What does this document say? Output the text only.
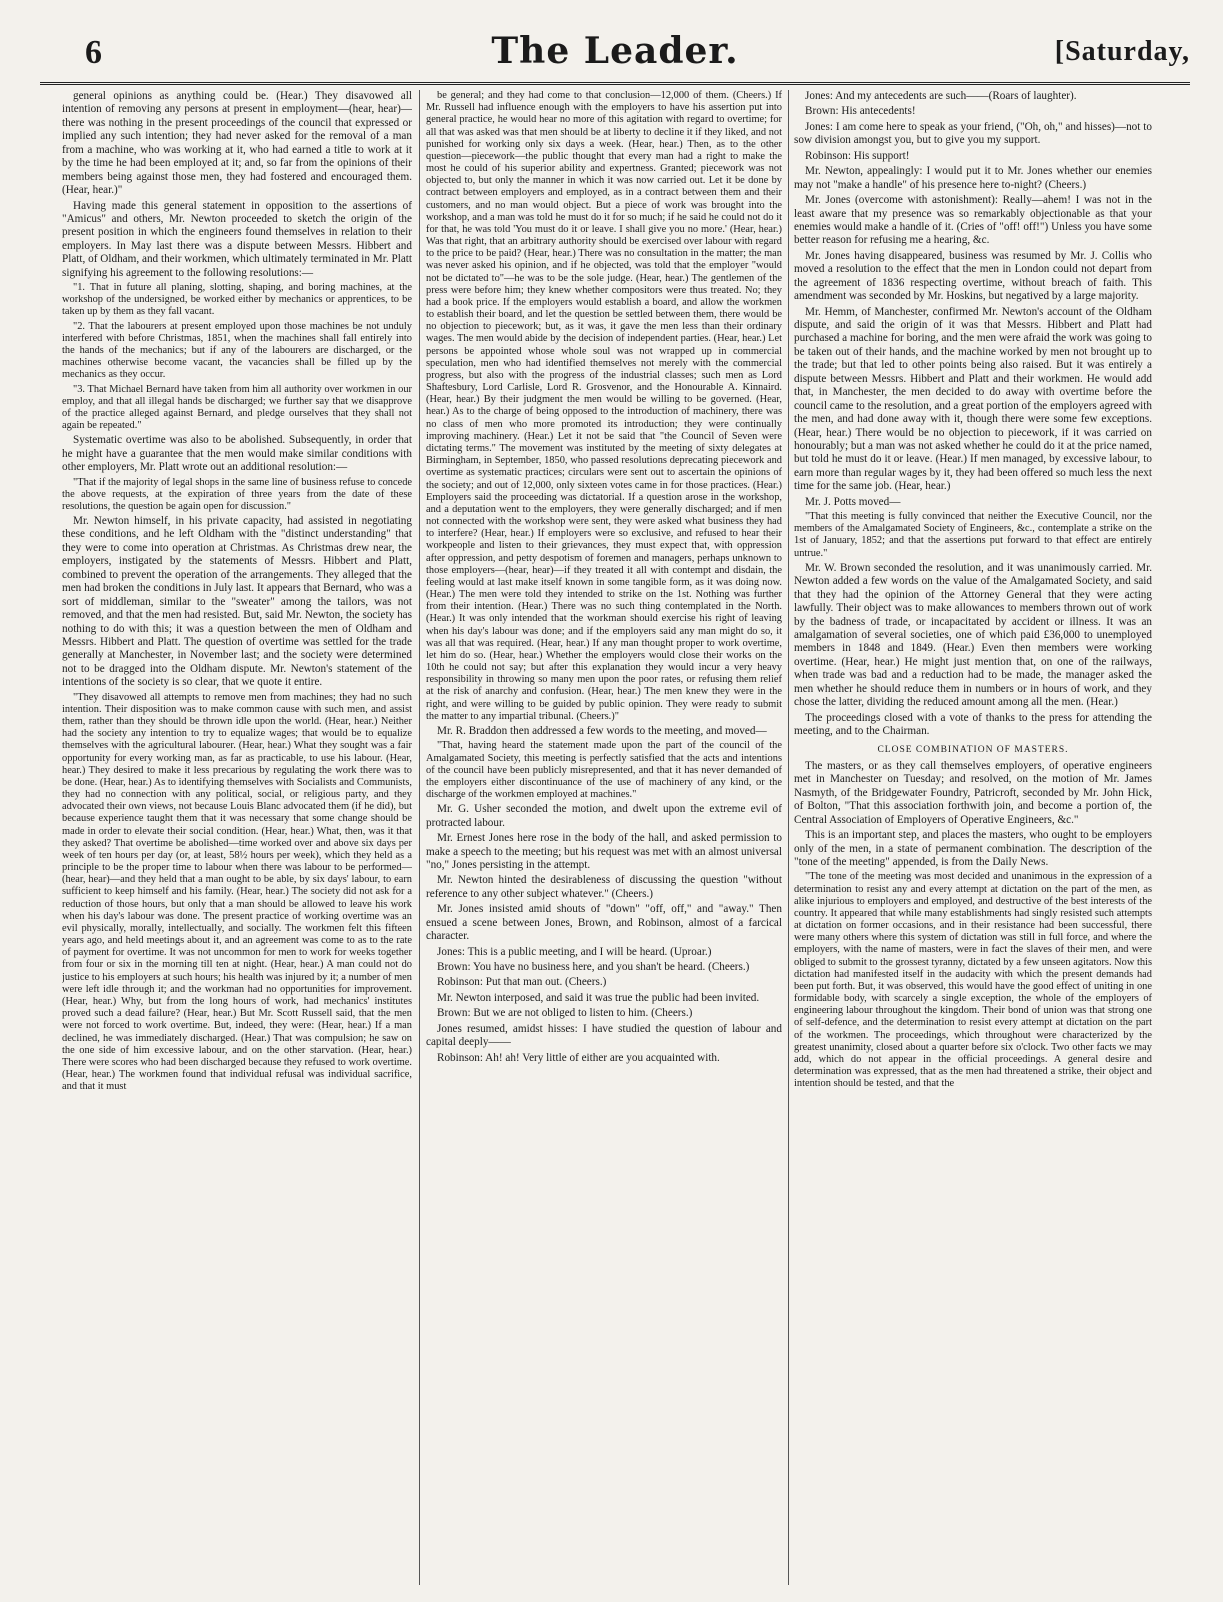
6	The Leader.	[Saturday,

general opinions as anything could be. (Hear.) They disavowed all intention of removing any persons at present in employment—(hear, hear)—there was nothing in the present proceedings of the council that expressed or implied any such intention; they had never asked for the removal of a man from a machine, who was working at it, who had earned a title to work at it by the time he had been employed at it; and, so far from the opinions of their members being against those men, they had fostered and encouraged them. (Hear, hear.)"

Having made this general statement in opposition to the assertions of "Amicus" and others, Mr. Newton proceeded to sketch the origin of the present position in which the engineers found themselves in relation to their employers. In May last there was a dispute between Messrs. Hibbert and Platt, of Oldham, and their workmen, which ultimately terminated in Mr. Platt signifying his agreement to the following resolutions:—

"1. That in future all planing, slotting, shaping, and boring machines, at the workshop of the undersigned, be worked either by mechanics or apprentices, to be taken up by them as they fall vacant.

"2. That the labourers at present employed upon those machines be not unduly interfered with before Christmas, 1851, when the machines shall fall entirely into the hands of the mechanics; but if any of the labourers are discharged, or the machines otherwise become vacant, the vacancies shall be filled up by the mechanics as they occur.

"3. That Michael Bernard have taken from him all authority over workmen in our employ, and that all illegal hands be discharged; we further say that we disapprove of the practice alleged against Bernard, and pledge ourselves that they shall not again be repeated."

Systematic overtime was also to be abolished. Subsequently, in order that he might have a guarantee that the men would make similar conditions with other employers, Mr. Platt wrote out an additional resolution:—

"That if the majority of legal shops in the same line of business refuse to concede the above requests, at the expiration of three years from the date of these resolutions, the question be again open for discussion."

Mr. Newton himself, in his private capacity, had assisted in negotiating these conditions, and he left Oldham with the "distinct understanding" that they were to come into operation at Christmas. As Christmas drew near, the employers, instigated by the statements of Messrs. Hibbert and Platt, combined to prevent the operation of the arrangements. They alleged that the men had broken the conditions in July last. It appears that Bernard, who was a sort of middleman, similar to the "sweater" among the tailors, was not removed, and that the men had resisted. But, said Mr. Newton, the society has nothing to do with this; it was a question between the men of Oldham and Messrs. Hibbert and Platt. The question of overtime was settled for the trade generally at Manchester, in November last; and the society were determined not to be dragged into the Oldham dispute. Mr. Newton's statement of the intentions of the society is so clear, that we quote it entire.

"They disavowed all attempts to remove men from machines; they had no such intention. Their disposition was to make common cause with such men, and assist them, rather than they should be thrown idle upon the world. (Hear, hear.) Neither had the society any intention to try to equalize wages; that would be to equalize themselves with the agricultural labourer. (Hear, hear.) What they sought was a fair opportunity for every working man, as far as practicable, to use his labour. (Hear, hear.) They desired to make it less precarious by regulating the work there was to be done. (Hear, hear.) As to identifying themselves with Socialists and Communists, they had no connection with any political, social, or religious party, and they advocated their own views, not because Louis Blanc advocated them (if he did), but because experience taught them that it was necessary that some change should be made in order to elevate their social condition. (Hear, hear.) What, then, was it that they asked? That overtime be abolished—time worked over and above six days per week of ten hours per day (or, at least, 58½ hours per week), which they held as a principle to be the proper time to labour when there was labour to be performed—(hear, hear)—and they held that a man ought to be able, by six days' labour, to earn sufficient to keep himself and his family. (Hear, hear.) The society did not ask for a reduction of those hours, but only that a man should be allowed to leave his work when his day's labour was done. The present practice of working overtime was an evil physically, morally, intellectually, and socially. The workmen felt this fifteen years ago, and held meetings about it, and an agreement was come to as to the rate of payment for overtime. It was not uncommon for men to work for weeks together from four or six in the morning till ten at night. (Hear, hear.) A man could not do justice to his employers at such hours; his health was injured by it; a number of men were left idle through it; and the workman had no opportunities for improvement. (Hear, hear.) Why, but from the long hours of work, had mechanics' institutes proved such a dead failure? (Hear, hear.) But Mr. Scott Russell said, that the men were not forced to work overtime. But, indeed, they were: (Hear, hear.) If a man declined, he was immediately discharged. (Hear.) That was compulsion; he saw on the one side of him excessive labour, and on the other starvation. (Hear, hear.) There were scores who had been discharged because they refused to work overtime. (Hear, hear.) The workmen found that individual refusal was individual sacrifice, and that it must

be general; and they had come to that conclusion—12,000 of them. (Cheers.) If Mr. Russell had influence enough with the employers to have his assertion put into general practice, he would hear no more of this agitation with regard to overtime; for all that was asked was that men should be at liberty to decline it if they liked, and not punished for working only six days a week. (Hear, hear.) Then, as to the other question—piecework—the public thought that every man had a right to make the most he could of his superior ability and expertness. Granted; piecework was not objected to, but only the manner in which it was now carried out. Let it be done by contract between employers and employed, as in a contract between them and their customers, and no man would object. But a piece of work was brought into the workshop, and a man was told he must do it for so much; if he said he could not do it for that, he was told 'You must do it or leave. I shall give you no more.' (Hear, hear.) Was that right, that an arbitrary authority should be exercised over labour with regard to the price to be paid? (Hear, hear.) There was no consultation in the matter; the man was never asked his opinion, and if he objected, was told that the employer "would not be dictated to"—he was to be the sole judge. (Hear, hear.) The gentlemen of the press were before him; they knew whether compositors were thus treated. No; they had a book price. If the employers would establish a board, and allow the workmen to establish their board, and let the question be settled between them, there would be no objection to piecework; but, as it was, it gave the men less than their ordinary wages. The men would abide by the decision of independent parties. (Hear, hear.) Let persons be appointed whose whole soul was not wrapped up in commercial speculation, men who had identified themselves not merely with the commercial progress, but also with the progress of the industrial classes; such men as Lord Shaftesbury, Lord Carlisle, Lord R. Grosvenor, and the Honourable A. Kinnaird. (Hear, hear.) By their judgment the men would be willing to be governed. (Hear, hear.) As to the charge of being opposed to the introduction of machinery, there was no class of men who more promoted its introduction; they were continually improving machinery. (Hear.) Let it not be said that "the Council of Seven were dictating terms." The movement was instituted by the meeting of sixty delegates at Birmingham, in September, 1850, who passed resolutions deprecating piecework and overtime as systematic practices; circulars were sent out to ascertain the opinions of the society; and out of 12,000, only sixteen votes came in for those practices. (Hear.) Employers said the proceeding was dictatorial. If a question arose in the workshop, and a deputation went to the employers, they were generally discharged; and if men not connected with the workshop were sent, they were asked what business they had to interfere? (Hear, hear.) If employers were so exclusive, and refused to hear their workpeople and listen to their grievances, they must expect that, with oppression after oppression, and petty despotism of foremen and managers, perhaps unknown to those employers—(hear, hear)—if they treated it all with contempt and disdain, the feeling would at last make itself known in some tangible form, as it was doing now. (Hear.) The men were told they intended to strike on the 1st. Nothing was further from their intention. (Hear.) There was no such thing contemplated in the North. (Hear.) It was only intended that the workman should exercise his right of leaving when his day's labour was done; and if the employers said any man might do so, it was all that was required. (Hear, hear.) If any man thought proper to work overtime, let him do so. (Hear, hear.) Whether the employers would close their works on the 10th he could not say; but after this explanation they would incur a very heavy responsibility in throwing so many men upon the poor rates, or refusing them relief at the risk of anarchy and confusion. (Hear, hear.) The men knew they were in the right, and were willing to be guided by public opinion. They were ready to submit the matter to any impartial tribunal. (Cheers.)"

Mr. R. Braddon then addressed a few words to the meeting, and moved—

"That, having heard the statement made upon the part of the council of the Amalgamated Society, this meeting is perfectly satisfied that the acts and intentions of the council have been publicly misrepresented, and that it has never demanded of the employers either discontinuance of the use of machinery of any kind, or the discharge of the workmen employed at machines."

Mr. G. Usher seconded the motion, and dwelt upon the extreme evil of protracted labour.

Mr. Ernest Jones here rose in the body of the hall, and asked permission to make a speech to the meeting; but his request was met with an almost universal "no," Jones persisting in the attempt.

Mr. Newton hinted the desirableness of discussing the question "without reference to any other subject whatever." (Cheers.)

Mr. Jones insisted amid shouts of "down" "off, off," and "away." Then ensued a scene between Jones, Brown, and Robinson, almost of a farcical character.

Jones: This is a public meeting, and I will be heard. (Uproar.)

Brown: You have no business here, and you shan't be heard. (Cheers.)

Robinson: Put that man out. (Cheers.)

Mr. Newton interposed, and said it was true the public had been invited.

Brown: But we are not obliged to listen to him. (Cheers.)

Jones resumed, amidst hisses: I have studied the question of labour and capital deeply——

Robinson: Ah! ah! Very little of either are you acquainted with.

Jones: And my antecedents are such——(Roars of laughter).

Brown: His antecedents!

Jones: I am come here to speak as your friend, ("Oh, oh," and hisses)—not to sow division amongst you, but to give you my support.

Robinson: His support!

Mr. Newton, appealingly: I would put it to Mr. Jones whether our enemies may not "make a handle" of his presence here to-night? (Cheers.)

Mr. Jones (overcome with astonishment): Really—ahem! I was not in the least aware that my presence was so remarkably objectionable as that your enemies would make a handle of it. (Cries of "off! off!") Unless you have some better reason for refusing me a hearing, &c.

Mr. Jones having disappeared, business was resumed by Mr. J. Collis who moved a resolution to the effect that the men in London could not depart from the agreement of 1836 respecting overtime, without breach of faith. This amendment was seconded by Mr. Hoskins, but negatived by a large majority.

Mr. Hemm, of Manchester, confirmed Mr. Newton's account of the Oldham dispute, and said the origin of it was that Messrs. Hibbert and Platt had purchased a machine for boring, and the men were afraid the work was going to be taken out of their hands, and the machine worked by men not brought up to the trade; but that led to other points being also raised. But it was entirely a dispute between Messrs. Hibbert and Platt and their workmen. He would add that, in Manchester, the men decided to do away with overtime before the council came to the resolution, and a great portion of the employers agreed with the men, and had done away with it, though there were some few exceptions. (Hear, hear.) There would be no objection to piecework, if it was carried on honourably; but a man was not asked whether he could do it at the price named, but told he must do it or leave. (Hear.) If men managed, by excessive labour, to earn more than regular wages by it, they had been offered so much less the next time for the same job. (Hear, hear.)

Mr. J. Potts moved—

"That this meeting is fully convinced that neither the Executive Council, nor the members of the Amalgamated Society of Engineers, &c., contemplate a strike on the 1st of January, 1852; and that the assertions put forward to that effect are entirely untrue."

Mr. W. Brown seconded the resolution, and it was unanimously carried. Mr. Newton added a few words on the value of the Amalgamated Society, and said that they had the opinion of the Attorney General that they were acting lawfully. Their object was to make allowances to members thrown out of work by the badness of trade, or incapacitated by accident or illness. It was an amalgamation of several societies, one of which paid £36,000 to unemployed members in 1848 and 1849. (Hear.) Even then members were working overtime. (Hear, hear.) He might just mention that, on one of the railways, when trade was bad and a reduction had to be made, the manager asked the men whether he should reduce them in numbers or in hours of work, and they chose the latter, dividing the reduced amount among all the men. (Hear.)

The proceedings closed with a vote of thanks to the press for attending the meeting, and to the Chairman.

CLOSE COMBINATION OF MASTERS.

The masters, or as they call themselves employers, of operative engineers met in Manchester on Tuesday; and resolved, on the motion of Mr. James Nasmyth, of the Bridgewater Foundry, Patricroft, seconded by Mr. John Hick, of Bolton, "That this association forthwith join, and become a portion of, the Central Association of Employers of Operative Engineers, &c."

This is an important step, and places the masters, who ought to be employers only of the men, in a state of permanent combination. The description of the "tone of the meeting" appended, is from the Daily News.

"The tone of the meeting was most decided and unanimous in the expression of a determination to resist any and every attempt at dictation on the part of the men, as alike injurious to employers and employed, and destructive of the best interests of the country. It appeared that while many establishments had singly resisted such attempts at dictation on former occasions, and in their resistance had been successful, there were many others where this system of dictation was still in full force, and where the employers, with the name of masters, were in fact the slaves of their men, and were obliged to submit to the grossest tyranny, dictated by a few unseen agitators. Now this dictation had manifested itself in the audacity with which the present demands had been put forth. But, it was observed, this would have the good effect of uniting in one formidable body, with scarcely a single exception, the whole of the employers of engineering labour throughout the kingdom. Their bond of union was that strong one of self-defence, and the determination to resist every attempt at dictation on the part of the workmen. The proceedings, which throughout were characterized by the greatest unanimity, closed about a quarter before six o'clock. Two other facts we may add, which do not appear in the official proceedings. A general desire and determination was expressed, that as the men had threatened a strike, their object and intention should be tested, and that the
